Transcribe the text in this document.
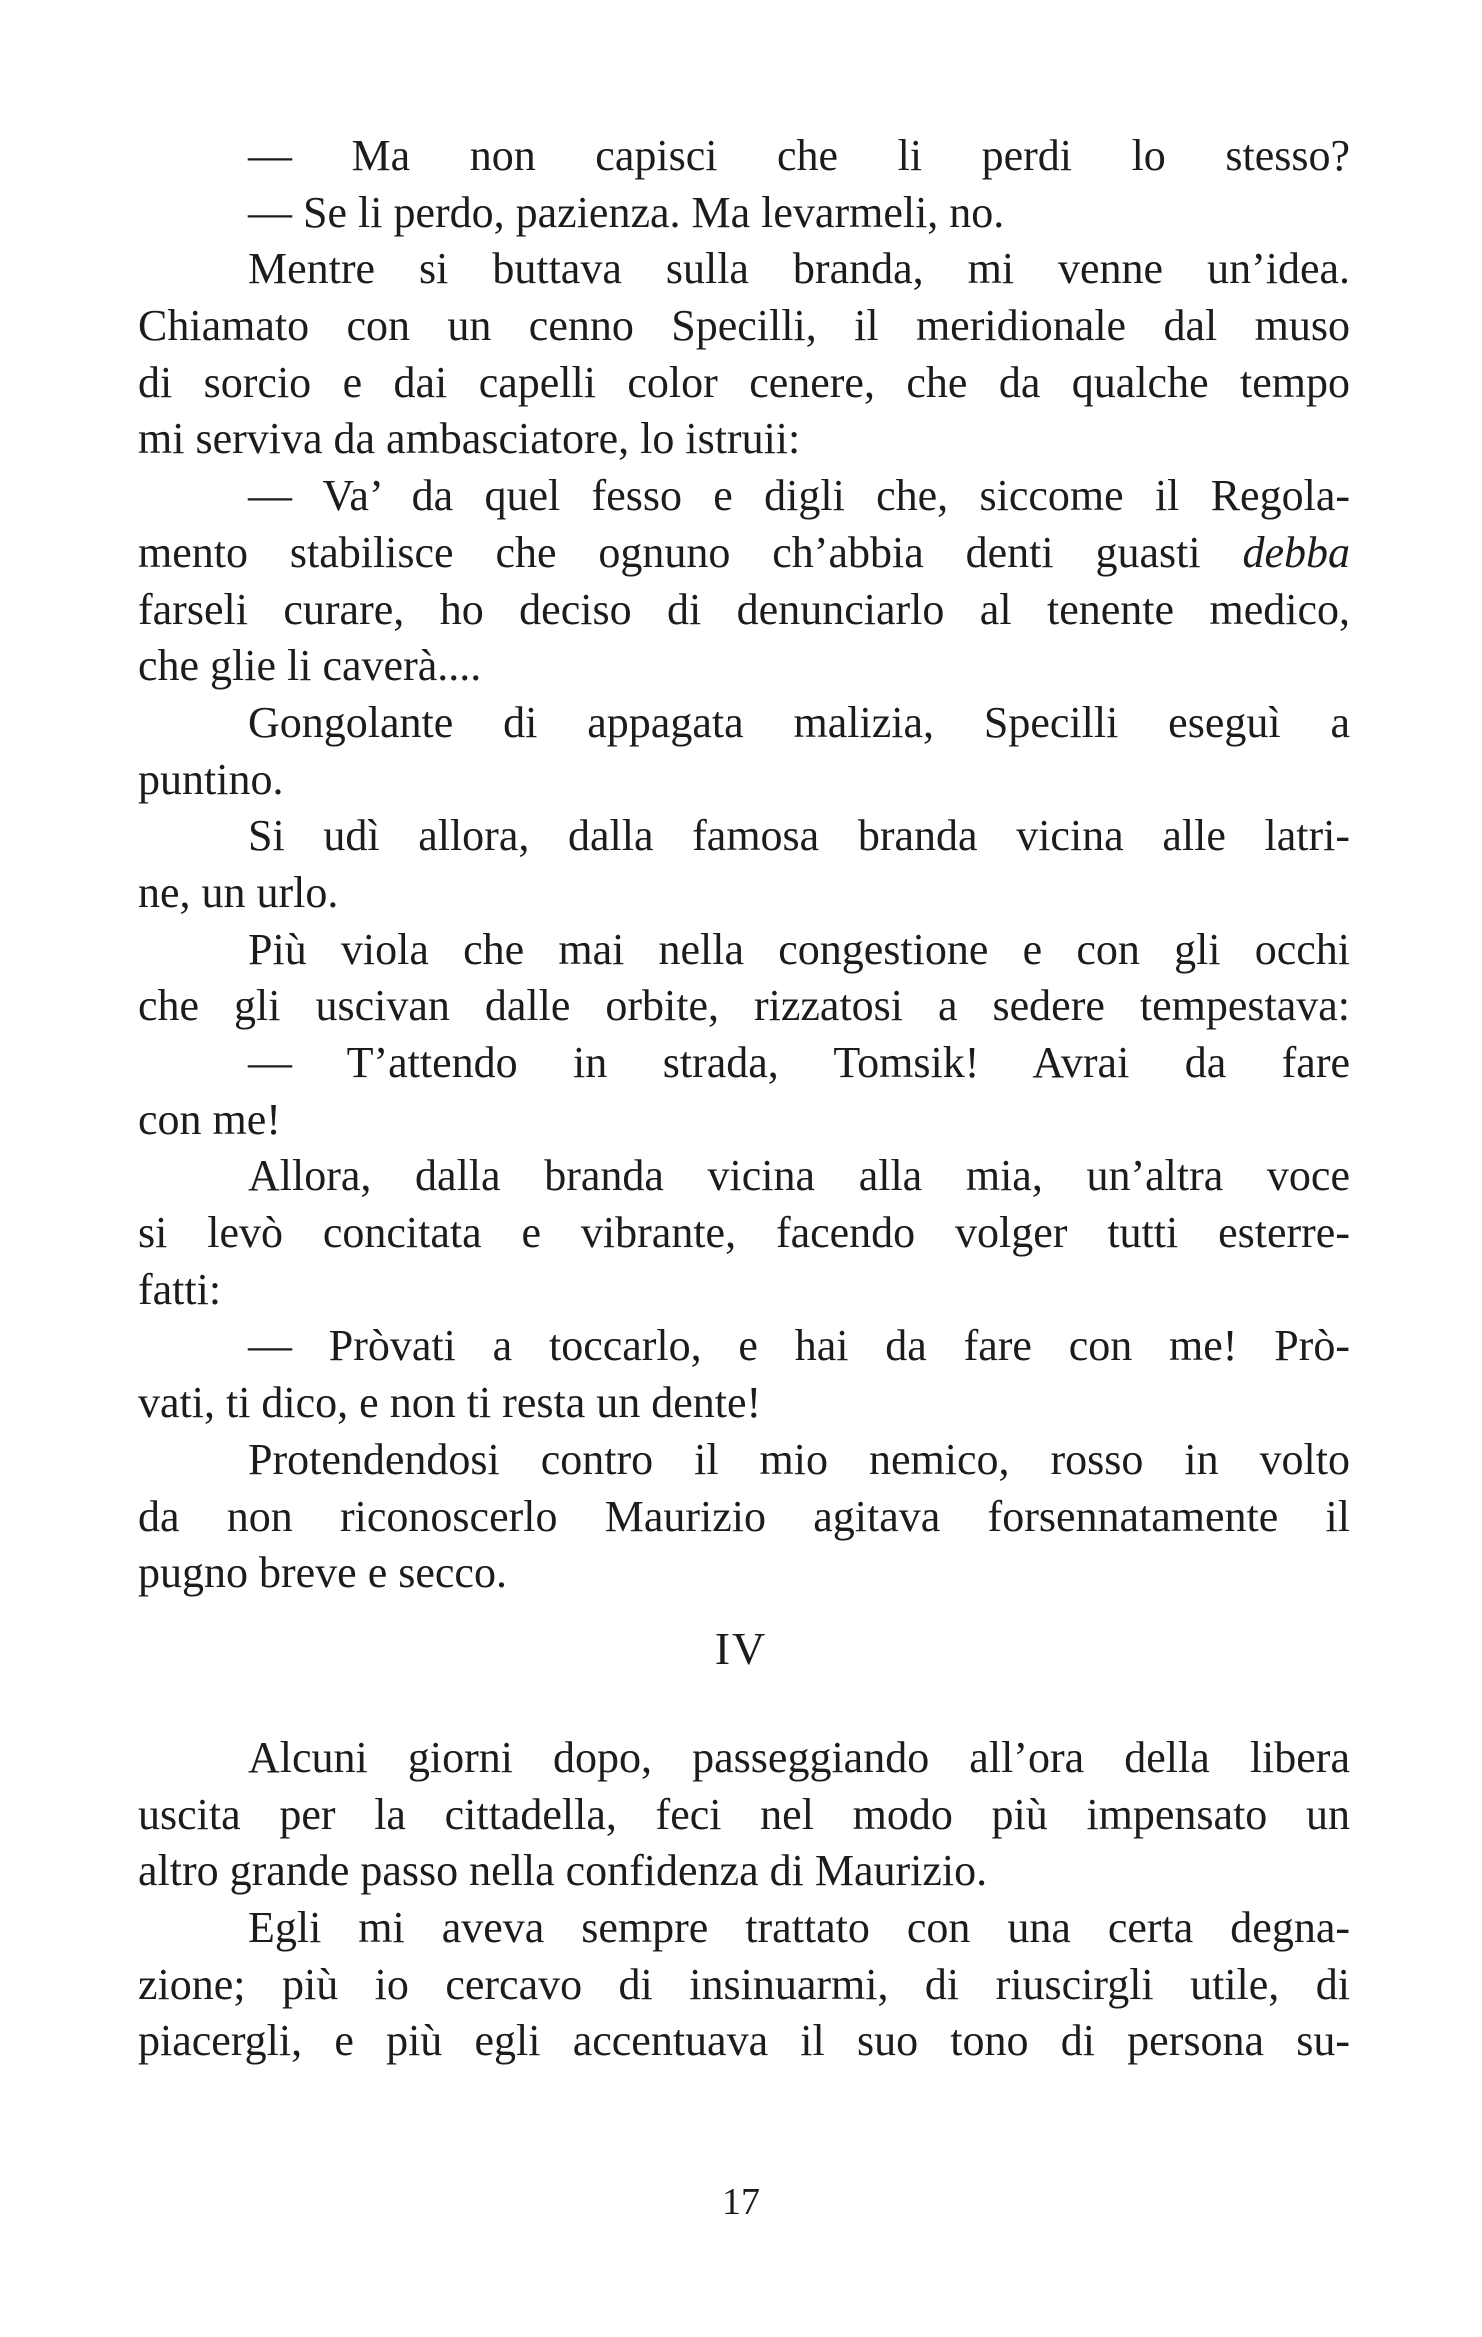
— Ma non capisci che li perdi lo stesso?
— Se li perdo, pazienza. Ma levarmeli, no.
Mentre si buttava sulla branda, mi venne un’idea.
Chiamato con un cenno Specilli, il meridionale dal muso
di sorcio e dai capelli color cenere, che da qualche tempo
mi serviva da ambasciatore, lo istruii:
— Va’ da quel fesso e digli che, siccome il Regola-
mento stabilisce che ognuno ch’abbia denti guasti debba
farseli curare, ho deciso di denunciarlo al tenente medico,
che glie li caverà....
Gongolante di appagata malizia, Specilli eseguì a
puntino.
Si udì allora, dalla famosa branda vicina alle latri-
ne, un urlo.
Più viola che mai nella congestione e con gli occhi
che gli uscivan dalle orbite, rizzatosi a sedere tempestava:
— T’attendo in strada, Tomsik! Avrai da fare
con me!
Allora, dalla branda vicina alla mia, un’altra voce
si levò concitata e vibrante, facendo volger tutti esterre-
fatti:
— Pròvati a toccarlo, e hai da fare con me! Prò-
vati, ti dico, e non ti resta un dente!
Protendendosi contro il mio nemico, rosso in volto
da non riconoscerlo Maurizio agitava forsennatamente il
pugno breve e secco.
IV
Alcuni giorni dopo, passeggiando all’ora della libera
uscita per la cittadella, feci nel modo più impensato un
altro grande passo nella confidenza di Maurizio.
Egli mi aveva sempre trattato con una certa degna-
zione; più io cercavo di insinuarmi, di riuscirgli utile, di
piacergli, e più egli accentuava il suo tono di persona su-
17
